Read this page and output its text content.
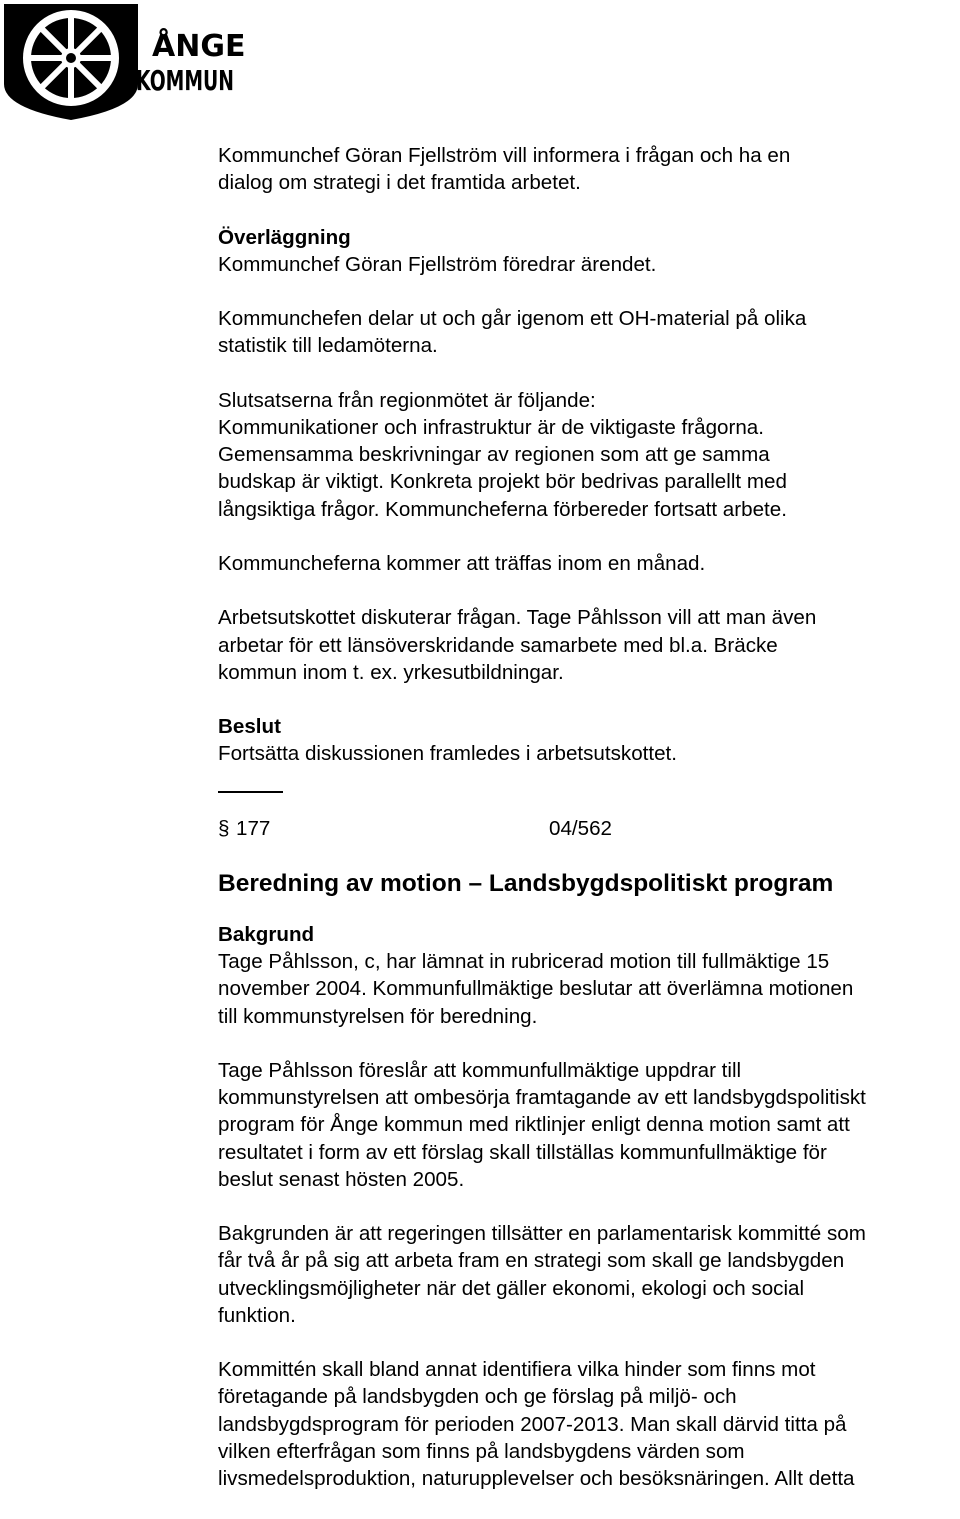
ÅNGE
KOMMUN

Kommunchef Göran Fjellström vill informera i frågan och ha en
dialog om strategi i det framtida arbetet.

Överläggning
Kommunchef Göran Fjellström föredrar ärendet.

Kommunchefen delar ut och går igenom ett OH-material på olika
statistik till ledamöterna.

Slutsatserna från regionmötet är följande:
Kommunikationer och infrastruktur är de viktigaste frågorna.
Gemensamma beskrivningar av regionen som att ge samma
budskap är viktigt. Konkreta projekt bör bedrivas parallellt med
långsiktiga frågor. Kommuncheferna förbereder fortsatt arbete.

Kommuncheferna kommer att träffas inom en månad.

Arbetsutskottet diskuterar frågan. Tage Påhlsson vill att man även
arbetar för ett länsöverskridande samarbete med bl.a. Bräcke
kommun inom t. ex. yrkesutbildningar.

Beslut
Fortsätta diskussionen framledes i arbetsutskottet.

§ 177	04/562
Beredning av motion – Landsbygdspolitiskt program

Bakgrund
Tage Påhlsson, c, har lämnat in rubricerad motion till fullmäktige 15
november 2004. Kommunfullmäktige beslutar att överlämna motionen
till kommunstyrelsen för beredning.

Tage Påhlsson föreslår att kommunfullmäktige uppdrar till
kommunstyrelsen att ombesörja framtagande av ett landsbygdspolitiskt
program för Ånge kommun med riktlinjer enligt denna motion samt att
resultatet i form av ett förslag skall tillställas kommunfullmäktige för
beslut senast hösten 2005.

Bakgrunden är att regeringen tillsätter en parlamentarisk kommitté som
får två år på sig att arbeta fram en strategi som skall ge landsbygden
utvecklingsmöjligheter när det gäller ekonomi, ekologi och social
funktion.

Kommittén skall bland annat identifiera vilka hinder som finns mot
företagande på landsbygden och ge förslag på miljö- och
landsbygdsprogram för perioden 2007-2013. Man skall därvid titta på
vilken efterfrågan som finns på landsbygdens värden som
livsmedelsproduktion, naturupplevelser och besöksnäringen. Allt detta
